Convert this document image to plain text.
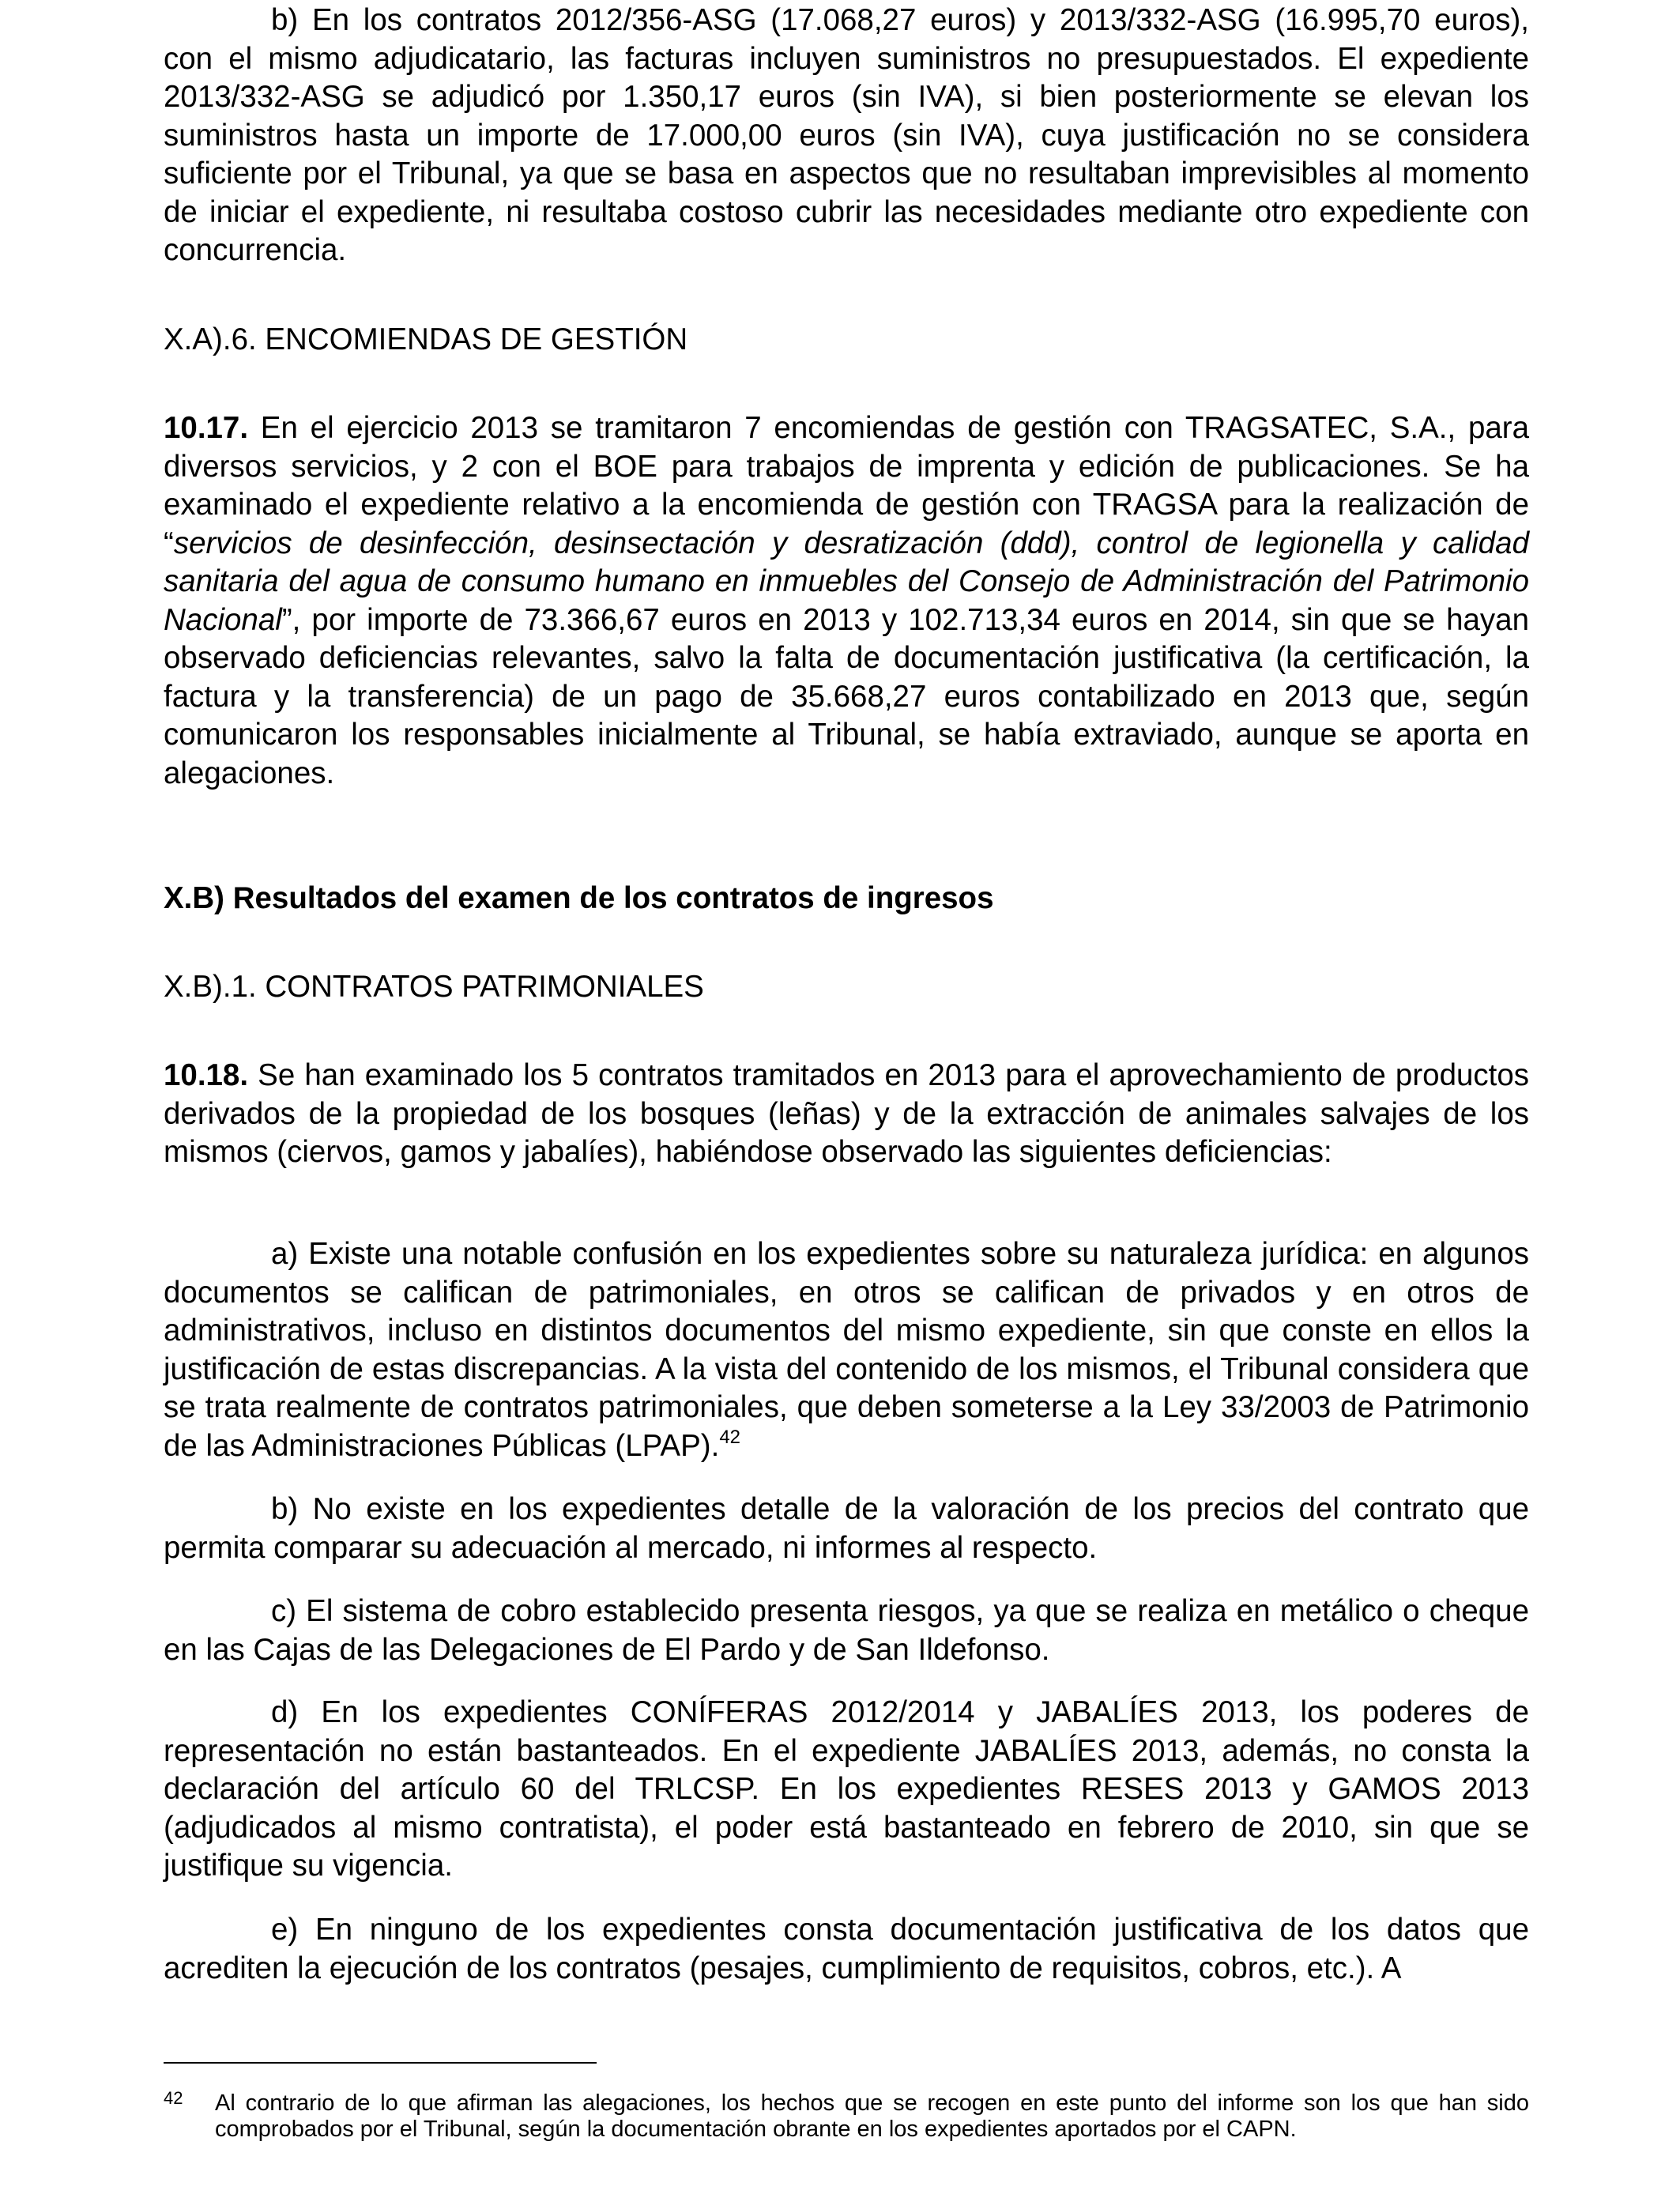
b) En los contratos 2012/356-ASG (17.068,27 euros) y 2013/332-ASG (16.995,70 euros), con el mismo adjudicatario, las facturas incluyen suministros no presupuestados. El expediente 2013/332-ASG se adjudicó por 1.350,17 euros (sin IVA), si bien posteriormente se elevan los suministros hasta un importe de 17.000,00 euros (sin IVA), cuya justificación no se considera suficiente por el Tribunal, ya que se basa en aspectos que no resultaban imprevisibles al momento de iniciar el expediente, ni resultaba costoso cubrir las necesidades mediante otro expediente con concurrencia.

X.A).6. ENCOMIENDAS DE GESTIÓN

10.17. En el ejercicio 2013 se tramitaron 7 encomiendas de gestión con TRAGSATEC, S.A., para diversos servicios, y 2 con el BOE para trabajos de imprenta y edición de publicaciones. Se ha examinado el expediente relativo a la encomienda de gestión con TRAGSA para la realización de “servicios de desinfección, desinsectación y desratización (ddd), control de legionella y calidad sanitaria del agua de consumo humano en inmuebles del Consejo de Administración del Patrimonio Nacional”, por importe de 73.366,67 euros en 2013 y 102.713,34 euros en 2014, sin que se hayan observado deficiencias relevantes, salvo la falta de documentación justificativa (la certificación, la factura y la transferencia) de un pago de 35.668,27 euros contabilizado en 2013 que, según comunicaron los responsables inicialmente al Tribunal, se había extraviado, aunque se aporta en alegaciones.

X.B) Resultados del examen de los contratos de ingresos

X.B).1. CONTRATOS PATRIMONIALES

10.18. Se han examinado los 5 contratos tramitados en 2013 para el aprovechamiento de productos derivados de la propiedad de los bosques (leñas) y de la extracción de animales salvajes de los mismos (ciervos, gamos y jabalíes), habiéndose observado las siguientes deficiencias:

a) Existe una notable confusión en los expedientes sobre su naturaleza jurídica: en algunos documentos se califican de patrimoniales, en otros se califican de privados y en otros de administrativos, incluso en distintos documentos del mismo expediente, sin que conste en ellos la justificación de estas discrepancias. A la vista del contenido de los mismos, el Tribunal considera que se trata realmente de contratos patrimoniales, que deben someterse a la Ley 33/2003 de Patrimonio de las Administraciones Públicas (LPAP).$^{42}$

b) No existe en los expedientes detalle de la valoración de los precios del contrato que permita comparar su adecuación al mercado, ni informes al respecto.

c) El sistema de cobro establecido presenta riesgos, ya que se realiza en metálico o cheque en las Cajas de las Delegaciones de El Pardo y de San Ildefonso.

d) En los expedientes CONÍFERAS 2012/2014 y JABALÍES 2013, los poderes de representación no están bastanteados. En el expediente JABALÍES 2013, además, no consta la declaración del artículo 60 del TRLCSP. En los expedientes RESES 2013 y GAMOS 2013 (adjudicados al mismo contratista), el poder está bastanteado en febrero de 2010, sin que se justifique su vigencia.

e) En ninguno de los expedientes consta documentación justificativa de los datos que acrediten la ejecución de los contratos (pesajes, cumplimiento de requisitos, cobros, etc.). A

42 Al contrario de lo que afirman las alegaciones, los hechos que se recogen en este punto del informe son los que han sido comprobados por el Tribunal, según la documentación obrante en los expedientes aportados por el CAPN.
